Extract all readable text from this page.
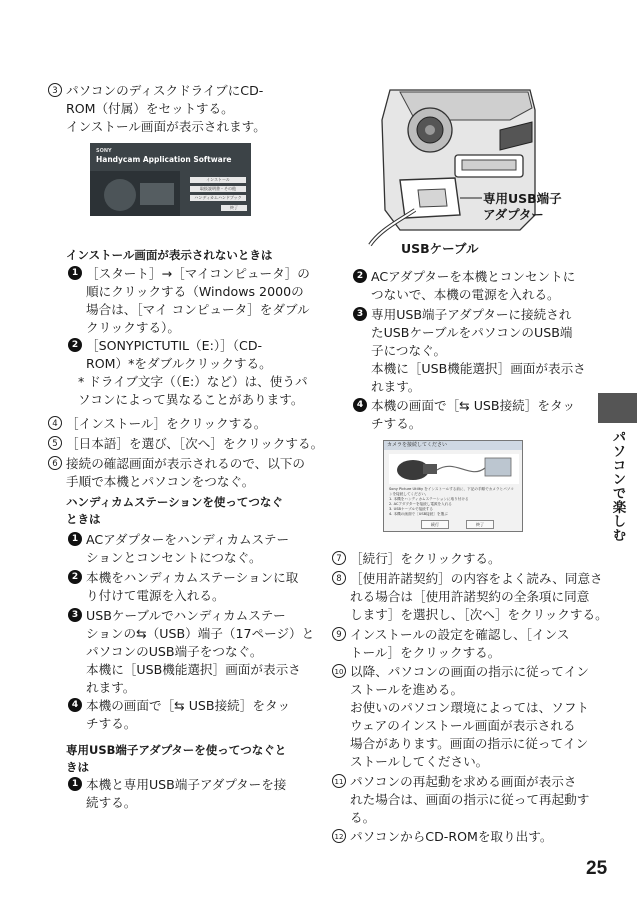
3 パソコンのディスクドライブにCD-
ROM（付属）をセットする。
インストール画面が表示されます。
SONY
Handycam Application Software
インストール
取扱説明書・その他
ハンディカムハンドブック
終了
インストール画面が表示されないときは
1 ［スタート］→［マイコンピュータ］の
順にクリックする（Windows 2000の
場合は、［マイ コンピュータ］をダブル
クリックする）。
2 ［SONYPICTUTIL（E:）］（CD-
ROM）*をダブルクリックする。
* ドライブ文字（（E:）など）は、使うパ
ソコンによって異なることがあります。
4 ［インストール］をクリックする。
5 ［日本語］を選び、［次へ］をクリックする。
6 接続の確認画面が表示されるので、以下の
手順で本機とパソコンをつなぐ。
ハンディカムステーションを使ってつなぐ
ときは
1 ACアダプターをハンディカムステー
ションとコンセントにつなぐ。
2 本機をハンディカムステーションに取
り付けて電源を入れる。
3 USBケーブルでハンディカムステー
ションの⇆（USB）端子（17ページ）と
パソコンのUSB端子をつなぐ。
本機に［USB機能選択］画面が表示さ
れます。
4 本機の画面で［⇆ USB接続］をタッ
チする。
専用USB端子アダプターを使ってつなぐと
きは
1 本機と専用USB端子アダプターを接
続する。
専用USB端子
アダプター
USBケーブル
2 ACアダプターを本機とコンセントに
つないで、本機の電源を入れる。
3 専用USB端子アダプターに接続され
たUSBケーブルをパソコンのUSB端
子につなぐ。
本機に［USB機能選択］画面が表示さ
れます。
4 本機の画面で［⇆ USB接続］をタッ
チする。
カメラを接続してください
Sony Picture Utility をインストールする前に、下記の手順でカメラとパソコンを接続してください。
1. 本機をハンディカムステーションに取り付ける
2. ACアダプターを接続し電源を入れる
3. USBケーブルで接続する
4. 本機の画面で［USB接続］を選ぶ
続行	終了
7 ［続行］をクリックする。
8 ［使用許諾契約］の内容をよく読み、同意さ
れる場合は［使用許諾契約の全条項に同意
します］を選択し、［次へ］をクリックする。
9 インストールの設定を確認し、［インス
トール］をクリックする。
10 以降、パソコンの画面の指示に従ってイン
ストールを進める。
お使いのパソコン環境によっては、ソフト
ウェアのインストール画面が表示される
場合があります。画面の指示に従ってイン
ストールしてください。
11 パソコンの再起動を求める画面が表示さ
れた場合は、画面の指示に従って再起動す
る。
12 パソコンからCD-ROMを取り出す。
パソコンで楽しむ
25
